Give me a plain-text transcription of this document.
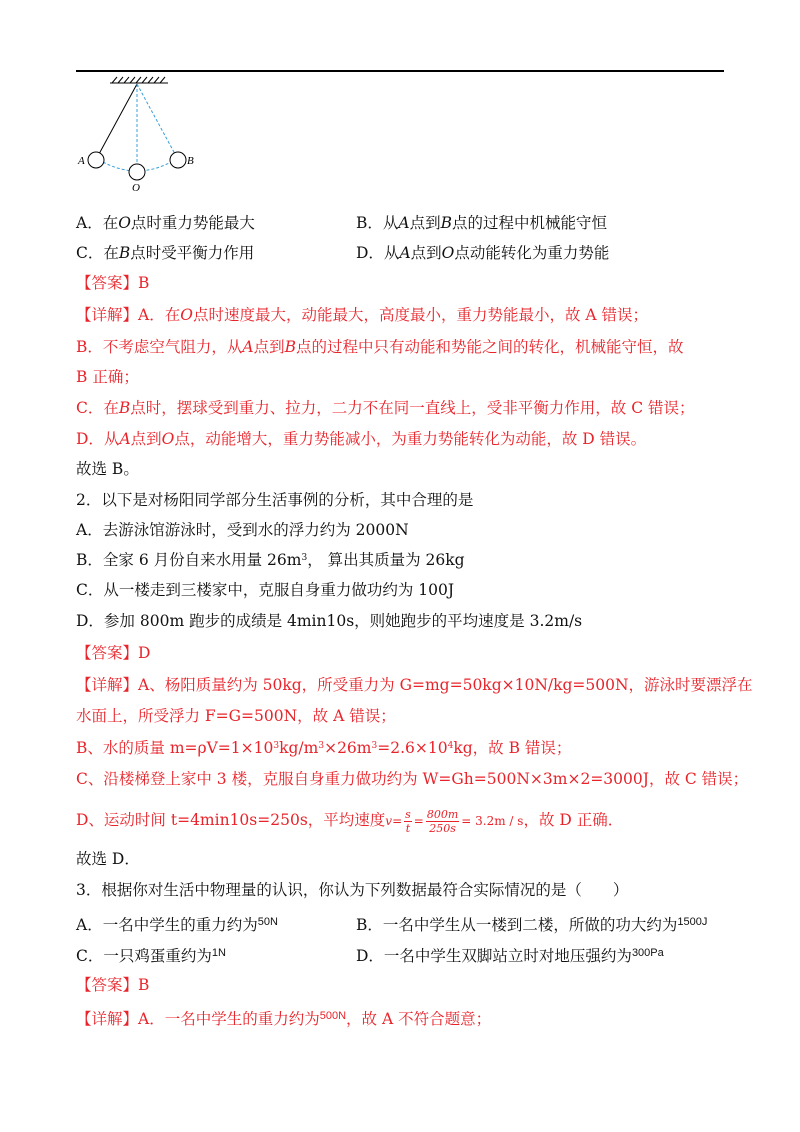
A
O
B
A．在O点时重力势能最大	B．从A点到B点的过程中机械能守恒
C．在B点时受平衡力作用	D．从A点到O点动能转化为重力势能
【答案】B
【详解】A．在O点时速度最大，动能最大，高度最小，重力势能最小，故 A 错误；
B．不考虑空气阻力，从A点到B点的过程中只有动能和势能之间的转化，机械能守恒，故
B 正确；
C．在B点时，摆球受到重力、拉力，二力不在同一直线上，受非平衡力作用，故 C 错误；
D．从A点到O点，动能增大，重力势能减小，为重力势能转化为动能，故 D 错误。
故选 B。
2．以下是对杨阳同学部分生活事例的分析，其中合理的是
A．去游泳馆游泳时，受到水的浮力约为 2000N
B．全家 6 月份自来水用量 $26m^3$， 算出其质量为 26kg
C．从一楼走到三楼家中，克服自身重力做功约为 100J
D．参加 800m 跑步的成绩是 4min10s，则她跑步的平均速度是 3.2m/s
【答案】D
【详解】A、杨阳质量约为 50kg，所受重力为 G=mg=50kg×10N/kg=500N，游泳时要漂浮在
水面上，所受浮力 F=G=500N，故 A 错误；
B、水的质量 $m=\rho V=1\times 10^3kg/m^3\times 26m^3=2.6\times 10^4kg$，故 B 错误；
C、沿楼梯登上家中 3 楼，克服自身重力做功约为 W=Gh=500N×3m×2=3000J，故 C 错误；
D、运动时间 t=4min10s=250s，平均速度$v= \frac{s}{t} = \frac{800m}{250s} = 3.2m / s$，故 D 正确．
故选 D．
3．根据你对生活中物理量的认识，你认为下列数据最符合实际情况的是（　　）
A．一名中学生的重力约为$^{50N}$	B．一名中学生从一楼到二楼，所做的功大约为$^{1500J}$
C．一只鸡蛋重约为$^{1N}$	D．一名中学生双脚站立时对地压强约为$^{300Pa}$
【答案】B
【详解】A．一名中学生的重力约为$^{500N}$，故 A 不符合题意；
